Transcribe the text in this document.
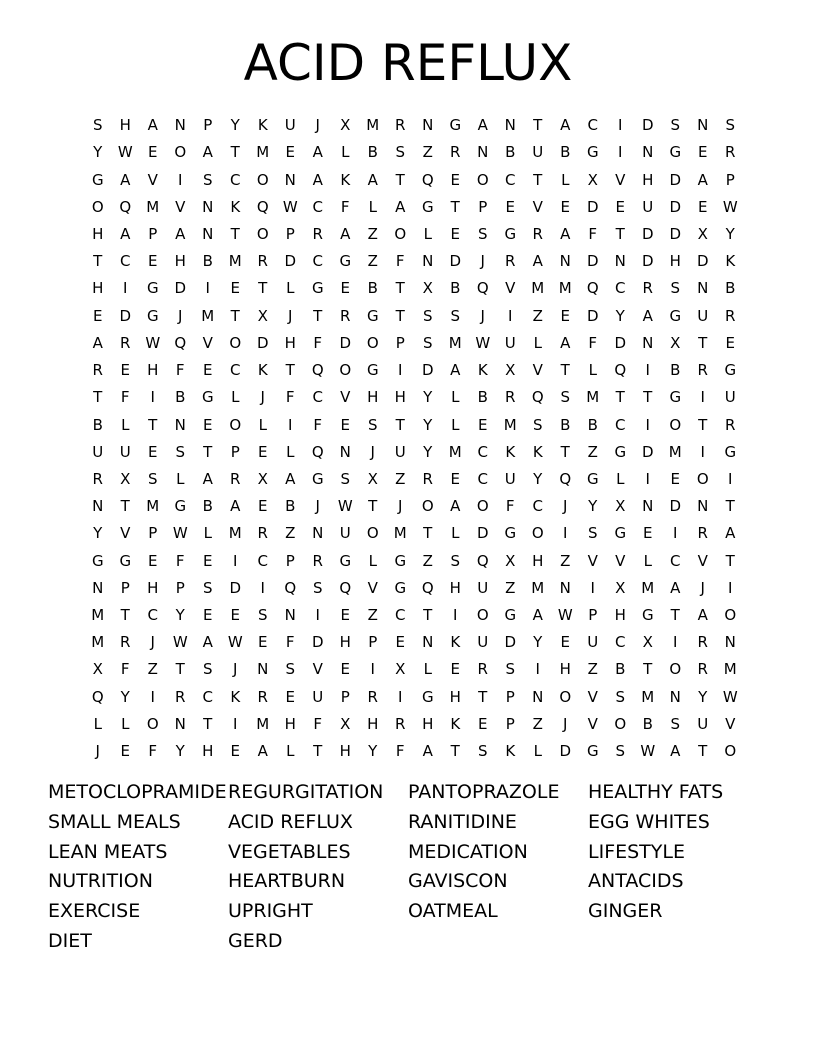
ACID REFLUX
S	H	A	N	P	Y	K	U	J	X	M	R	N	G	A	N	T	A	C	I	D	S	N	S
Y	W	E	O	A	T	M	E	A	L	B	S	Z	R	N	B	U	B	G	I	N	G	E	R
G	A	V	I	S	C	O	N	A	K	A	T	Q	E	O	C	T	L	X	V	H	D	A	P
O	Q	M	V	N	K	Q W C	F	L	A	G	T	P	E	V	E	D	E	U	D	E	W
H	A	P	A	N	T	O	P	R	A	Z	O	L	E	S	G	R	A	F	T	D	D	X	Y
T	C	E	H	B	M	R	D	C	G	Z	F	N	D	J	R	A	N	D	N	D	H	D	K
H	I	G	D	I	E	T	L	G	E	B	T	X	B	Q	V	M M	Q	C	R	S	N	B
E	D	G	J	M	T	X	J	T	R	G	T	S	S	J	I	Z	E	D	Y	A	G	U	R
A	R W Q	V	O	D	H	F	D	O	P	S	M W U	L	A	F	D	N	X	T	E
R	E	H	F	E	C	K	T	Q	O	G	I	D	A	K	X	V	T	L	Q	I	B	R	G
T	F	I	B	G	L	J	F	C	V	H	H	Y	L	B	R	Q	S	M	T	T	G	I	U
B	L	T	N	E	O	L	I	F	E	S	T	Y	L	E	M	S	B	B	C	I	O	T	R
U	U	E	S	T	P	E	L	Q	N	J	U	Y	M	C	K	K	T	Z	G	D	M	I	G
R	X	S	L	A	R	X	A	G	S	X	Z	R	E	C	U	Y	Q	G	L	I	E	O	I
N	T	M	G	B	A	E	B	J	W	T	J	O	A	O	F	C	J	Y	X	N	D	N	T
Y	V	P	W	L	M	R	Z	N	U	O	M	T	L	D	G	O	I	S	G	E	I	R	A
G	G	E	F	E	I	C	P	R	G	L	G	Z	S	Q	X	H	Z	V	V	L	C	V	T
N	P	H	P	S	D	I	Q	S	Q	V	G	Q	H	U	Z	M	N	I	X	M	A	J	I
M	T	C	Y	E	E	S	N	I	E	Z	C	T	I	O	G	A W	P	H	G	T	A	O
M	R	J	W A W	E	F	D	H	P	E	N	K	U	D	Y	E	U	C	X	I	R	N
X	F	Z	T	S	J	N	S	V	E	I	X	L	E	R	S	I	H	Z	B	T	O	R	M
Q	Y	I	R	C	K	R	E	U	P	R	I	G	H	T	P	N	O	V	S	M	N	Y	W
L	L	O	N	T	I	M	H	F	X	H	R	H	K	E	P	Z	J	V	O	B	S	U	V
J	E	F	Y	H	E	A	L	T	H	Y	F	A	T	S	K	L	D	G	S	W A	T	O
METOCLOPRAMIDE
SMALL MEALS
LEAN MEATS
NUTRITION
EXERCISE
DIET
REGURGITATION
ACID REFLUX
VEGETABLES
HEARTBURN
UPRIGHT
GERD
PANTOPRAZOLE
RANITIDINE
MEDICATION
GAVISCON
OATMEAL
HEALTHY FATS
EGG WHITES
LIFESTYLE
ANTACIDS
GINGER
